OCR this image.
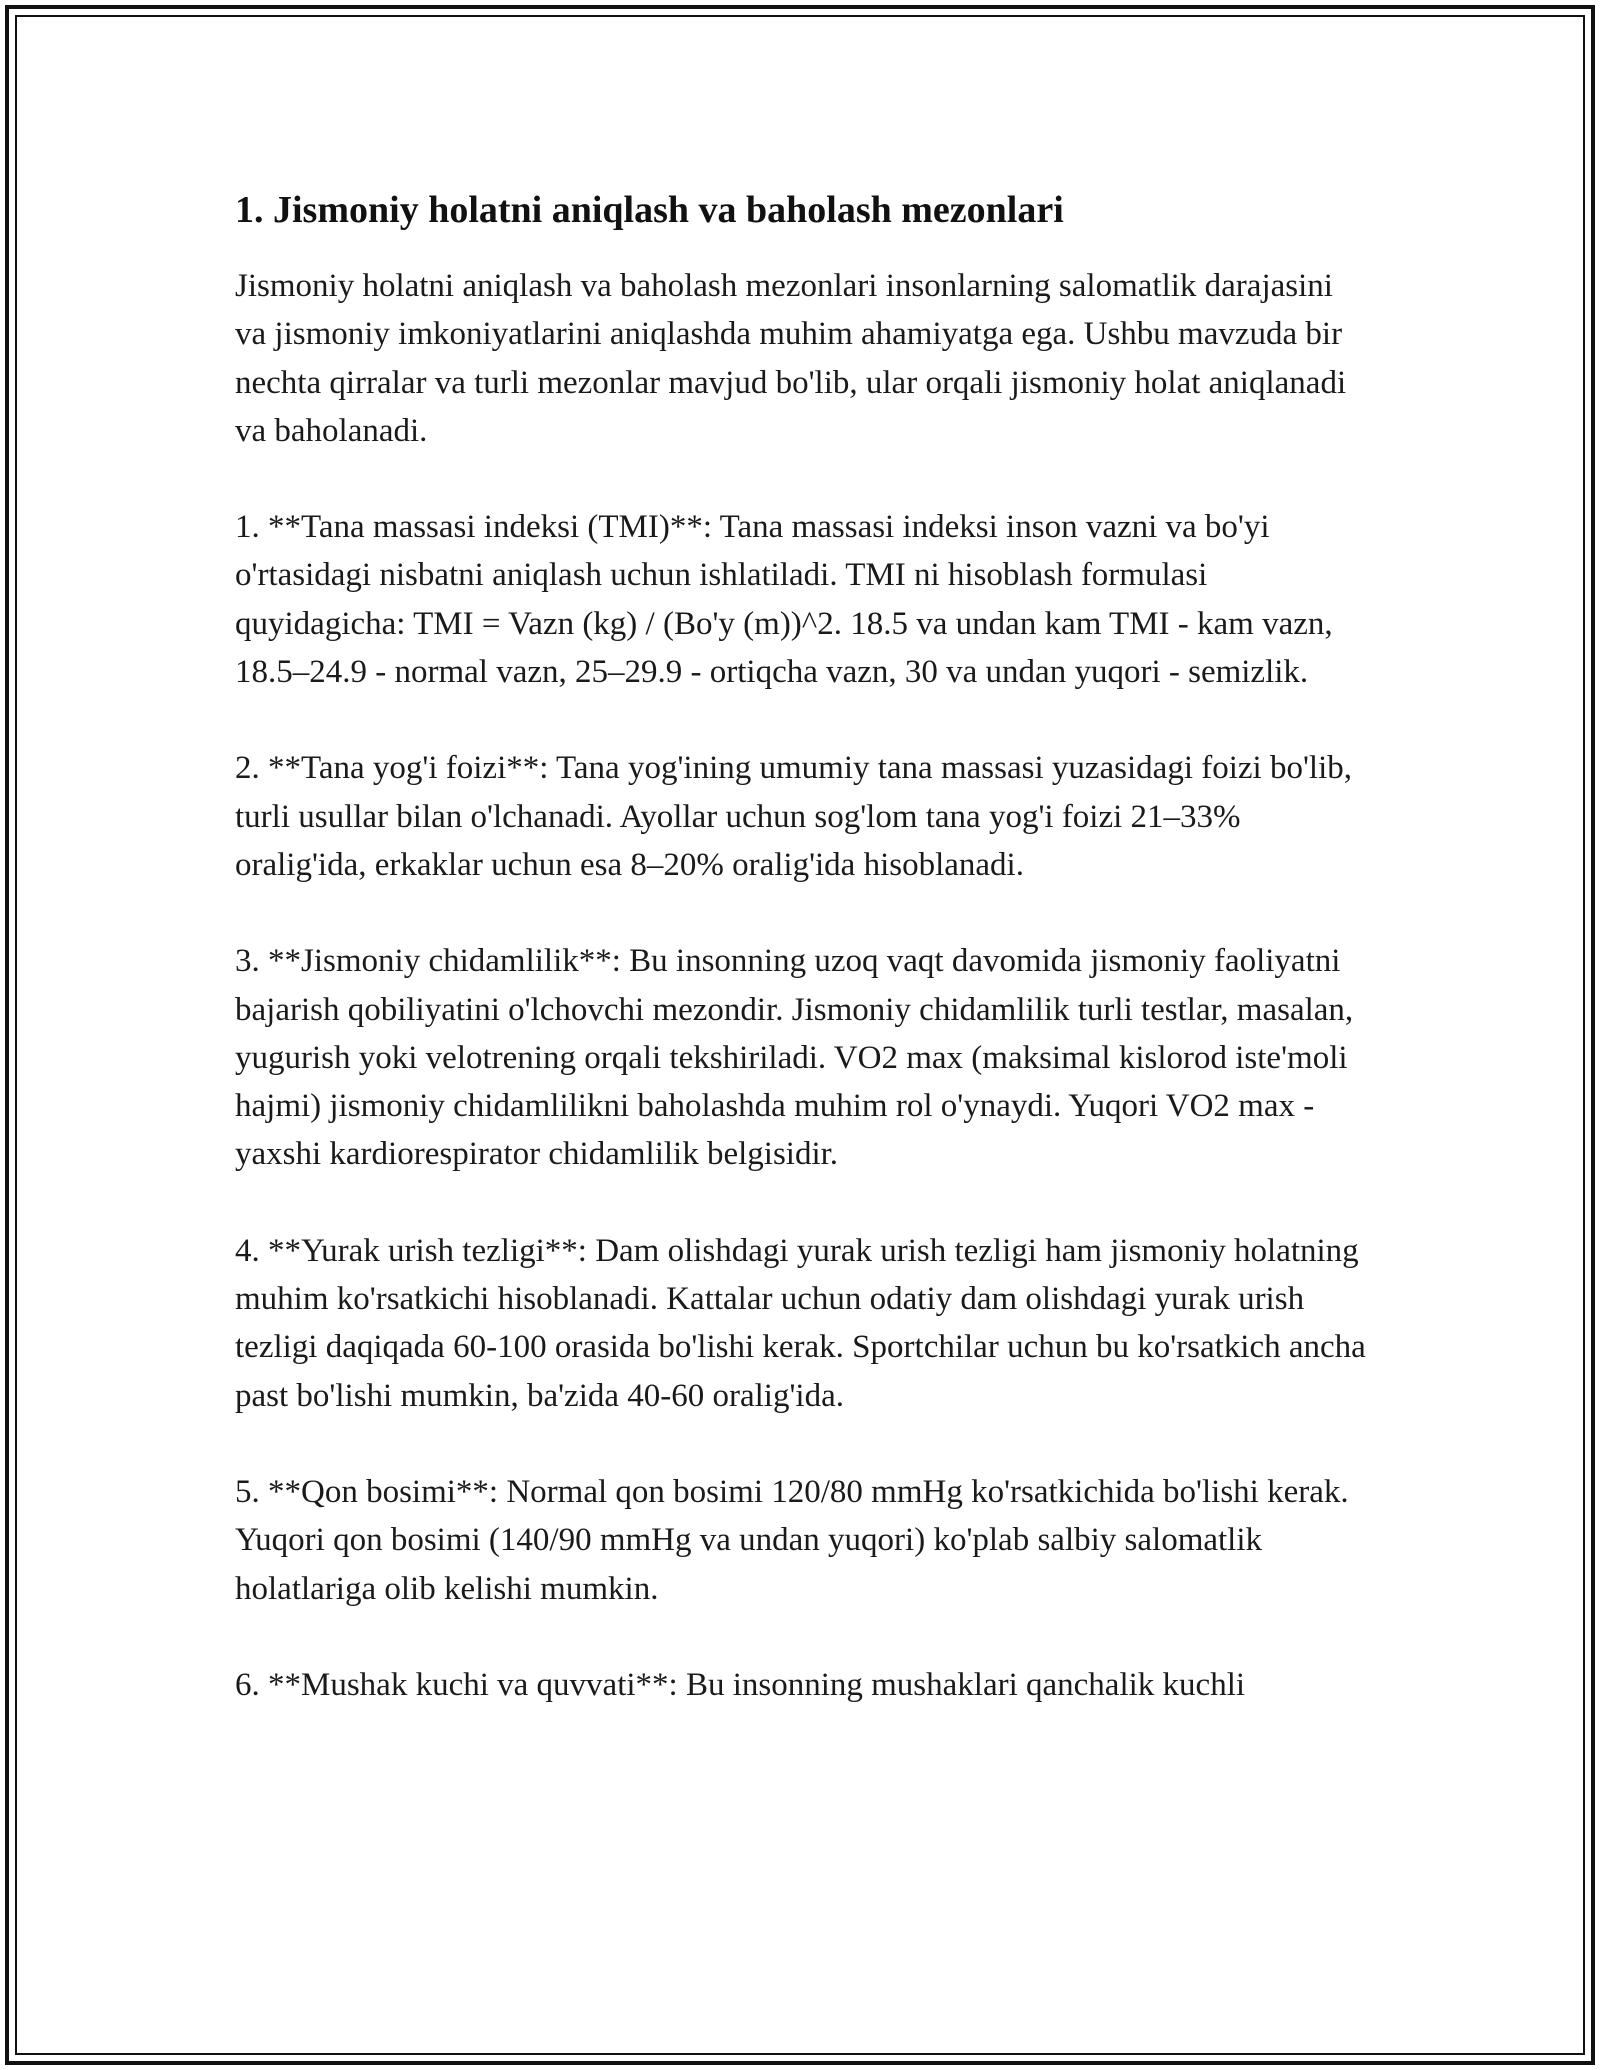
1. Jismoniy holatni aniqlash va baholash mezonlari

Jismoniy holatni aniqlash va baholash mezonlari insonlarning salomatlik darajasini va jismoniy imkoniyatlarini aniqlashda muhim ahamiyatga ega. Ushbu mavzuda bir nechta qirralar va turli mezonlar mavjud bo'lib, ular orqali jismoniy holat aniqlanadi va baholanadi.

1. **Tana massasi indeksi (TMI)**: Tana massasi indeksi inson vazni va bo'yi o'rtasidagi nisbatni aniqlash uchun ishlatiladi. TMI ni hisoblash formulasi quyidagicha: TMI = Vazn (kg) / (Bo'y (m))^2. 18.5 va undan kam TMI - kam vazn, 18.5–24.9 - normal vazn, 25–29.9 - ortiqcha vazn, 30 va undan yuqori - semizlik.

2. **Tana yog'i foizi**: Tana yog'ining umumiy tana massasi yuzasidagi foizi bo'lib, turli usullar bilan o'lchanadi. Ayollar uchun sog'lom tana yog'i foizi 21–33% oralig'ida, erkaklar uchun esa 8–20% oralig'ida hisoblanadi.

3. **Jismoniy chidamlilik**: Bu insonning uzoq vaqt davomida jismoniy faoliyatni bajarish qobiliyatini o'lchovchi mezondir. Jismoniy chidamlilik turli testlar, masalan, yugurish yoki velotrening orqali tekshiriladi. VO2 max (maksimal kislorod iste'moli hajmi) jismoniy chidamlilikni baholashda muhim rol o'ynaydi. Yuqori VO2 max - yaxshi kardiorespirator chidamlilik belgisidir.

4. **Yurak urish tezligi**: Dam olishdagi yurak urish tezligi ham jismoniy holatning muhim ko'rsatkichi hisoblanadi. Kattalar uchun odatiy dam olishdagi yurak urish tezligi daqiqada 60-100 orasida bo'lishi kerak. Sportchilar uchun bu ko'rsatkich ancha past bo'lishi mumkin, ba'zida 40-60 oralig'ida.

5. **Qon bosimi**: Normal qon bosimi 120/80 mmHg ko'rsatkichida bo'lishi kerak. Yuqori qon bosimi (140/90 mmHg va undan yuqori) ko'plab salbiy salomatlik holatlariga olib kelishi mumkin.

6. **Mushak kuchi va quvvati**: Bu insonning mushaklari qanchalik kuchli
